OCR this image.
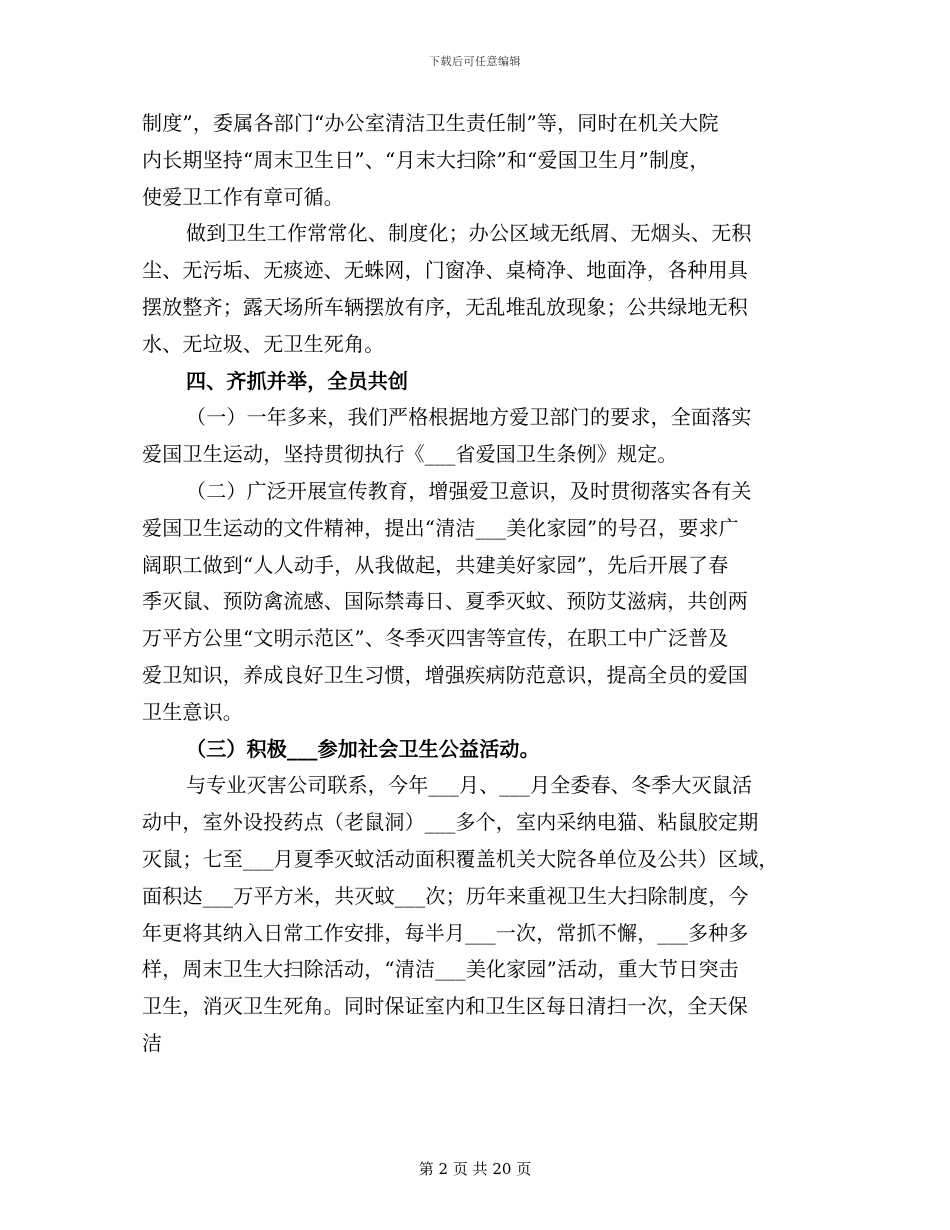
下载后可任意编辑
制度”，委属各部门“办公室清洁卫生责任制”等，同时在机关大院
内长期坚持“周末卫生日”、“月末大扫除”和“爱国卫生月”制度，
使爱卫工作有章可循。
做到卫生工作常常化、制度化；办公区域无纸屑、无烟头、无积
尘、无污垢、无痰迹、无蛛网，门窗净、桌椅净、地面净，各种用具
摆放整齐；露天场所车辆摆放有序，无乱堆乱放现象；公共绿地无积
水、无垃圾、无卫生死角。
四、齐抓并举，全员共创
（一）一年多来，我们严格根据地方爱卫部门的要求，全面落实
爱国卫生运动，坚持贯彻执行《___省爱国卫生条例》规定。
（二）广泛开展宣传教育，增强爱卫意识，及时贯彻落实各有关
爱国卫生运动的文件精神，提出“清洁___美化家园”的号召，要求广
阔职工做到“人人动手，从我做起，共建美好家园”，先后开展了春
季灭鼠、预防禽流感、国际禁毒日、夏季灭蚊、预防艾滋病，共创两
万平方公里“文明示范区”、冬季灭四害等宣传，在职工中广泛普及
爱卫知识，养成良好卫生习惯，增强疾病防范意识，提高全员的爱国
卫生意识。
（三）积极___参加社会卫生公益活动。
与专业灭害公司联系，今年___月、___月全委春、冬季大灭鼠活
动中，室外设投药点（老鼠洞）___多个，室内采纳电猫、粘鼠胶定期
灭鼠；七至___月夏季灭蚊活动面积覆盖机关大院各单位及公共）区域，
面积达___万平方米，共灭蚊___次；历年来重视卫生大扫除制度，今
年更将其纳入日常工作安排，每半月___一次，常抓不懈，___多种多
样，周末卫生大扫除活动，“清洁___美化家园”活动，重大节日突击
卫生，消灭卫生死角。同时保证室内和卫生区每日清扫一次，全天保
洁
第 2 页 共 20 页
